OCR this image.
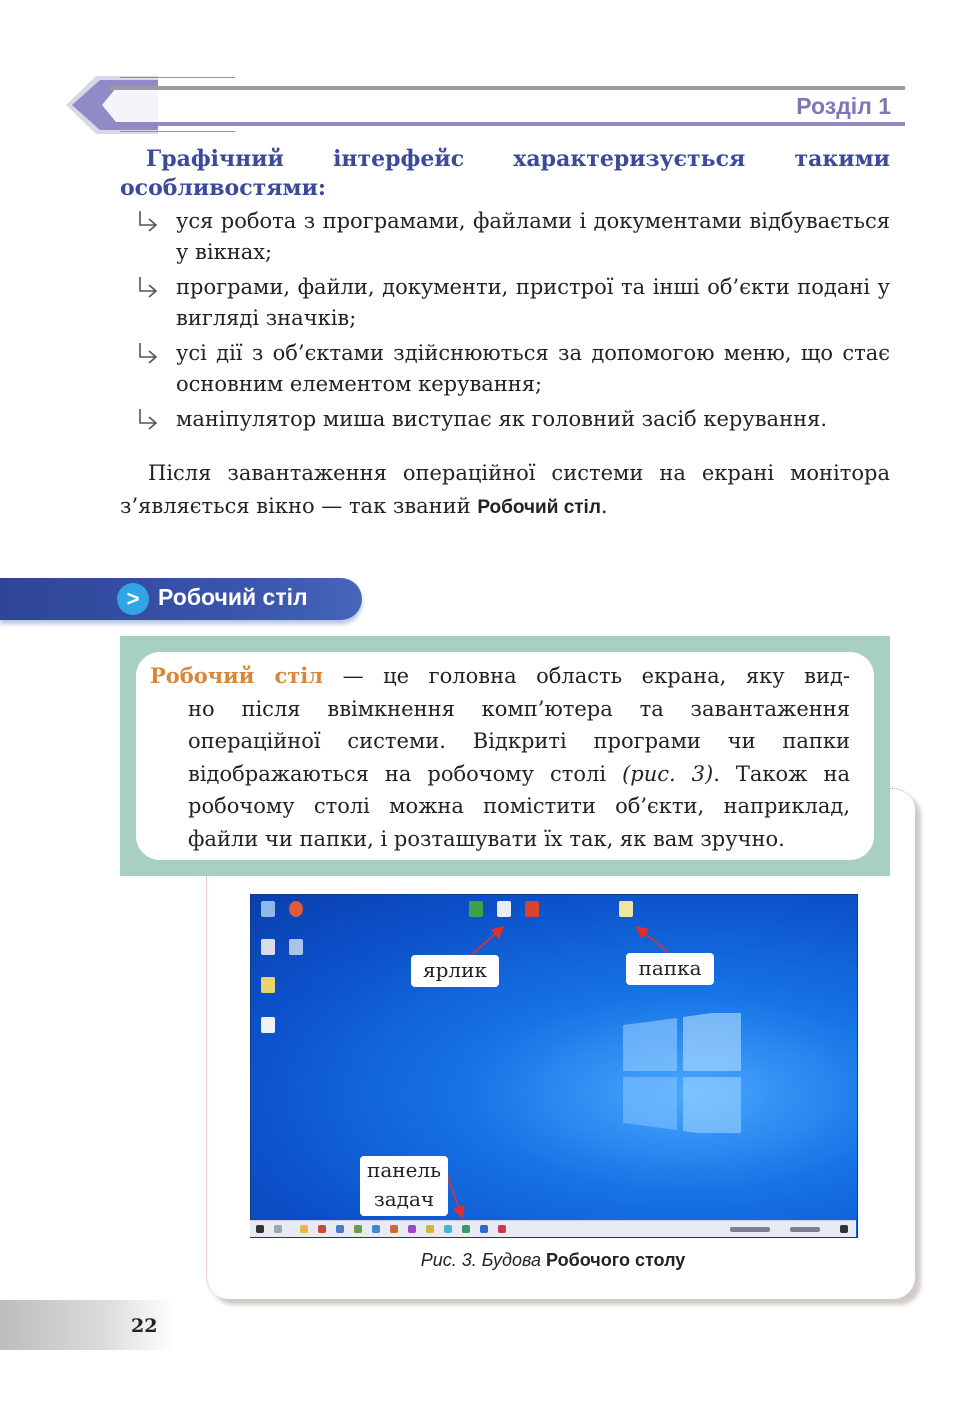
Розділ 1
Графічний інтерфейс характеризується такими особливостями:
уся робота з програмами, файлами і документами відбувається у вікнах;
програми, файли, документи, пристрої та інші об’єкти подані у вигляді значків;
усі дії з об’єктами здійснюються за допомогою меню, що стає основним елементом керування;
маніпулятор миша виступає як головний засіб керування.
Після завантаження операційної системи на екрані монітора з’являється вікно — так званий Робочий стіл.
> Робочий стіл
Робочий стіл — це головна область екрана, яку вид-
но після ввімкнення комп’ютера та завантаження
операційної системи. Відкриті програми чи папки
відображаються на робочому столі (рис. 3). Також на
робочому столі можна помістити об’єкти, наприклад,
файли чи папки, і розташувати їх так, як вам зручно.
ярлик	папка
панель
задач
Рис. 3. Будова Робочого столу
22
